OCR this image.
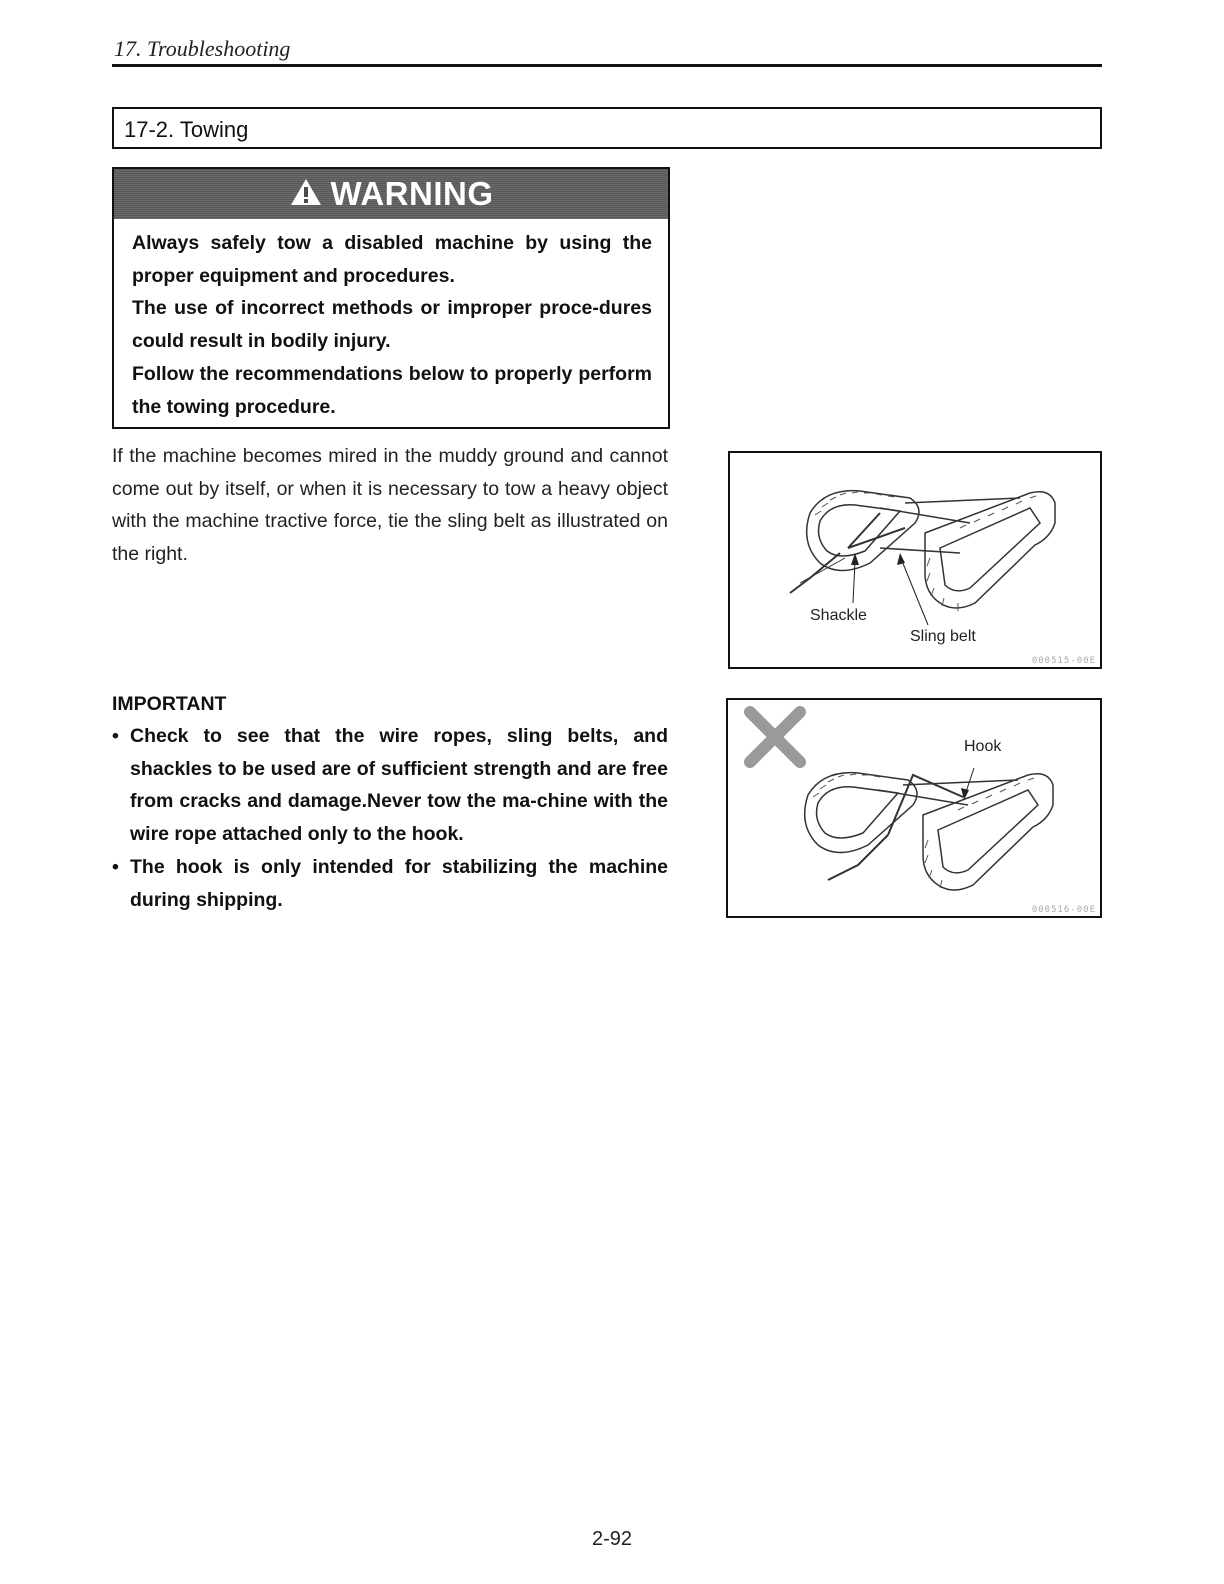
17. Troubleshooting
17-2. Towing
WARNING

Always safely tow a disabled machine by using the proper equipment and procedures.

The use of incorrect methods or improper proce-dures could result in bodily injury.

Follow the recommendations below to properly perform the towing procedure.

If the machine becomes mired in the muddy ground and cannot come out by itself, or when it is necessary to tow a heavy object with the machine tractive force, tie the sling belt as illustrated on the right.
IMPORTANT
• Check to see that the wire ropes, sling belts, and shackles to be used are of sufficient strength and are free from cracks and damage.Never tow the ma-chine with the wire rope attached only to the hook.
• The hook is only intended for stabilizing the machine during shipping.
Shackle
Sling belt
000515-00E
Hook
000516-00E
2-92
